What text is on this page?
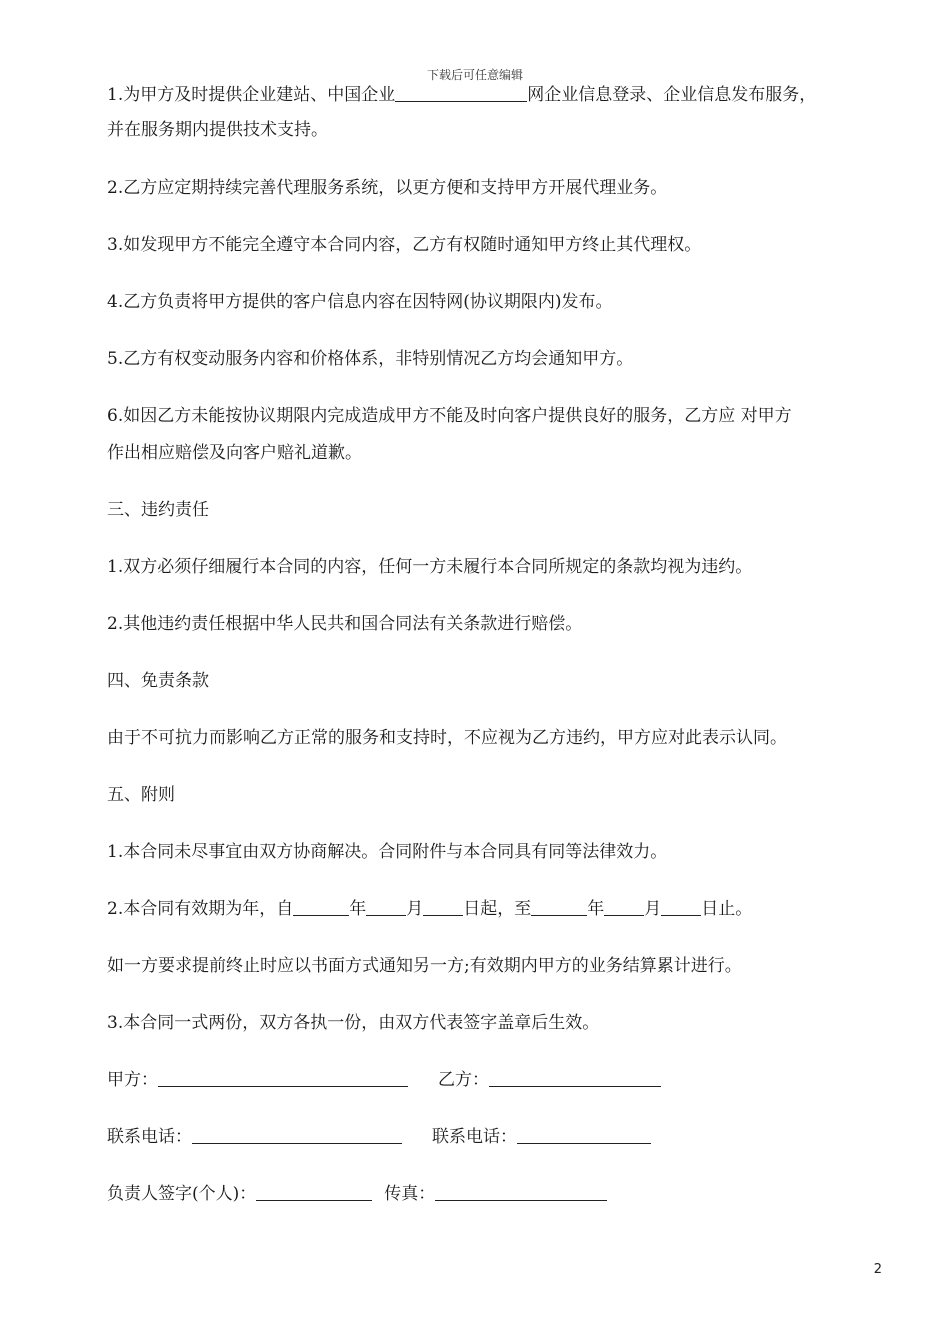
下载后可任意编辑
1.为甲方及时提供企业建站、中国企业	网企业信息登录、企业信息发布服务，
并在服务期内提供技术支持。
2.乙方应定期持续完善代理服务系统，以更方便和支持甲方开展代理业务。
3.如发现甲方不能完全遵守本合同内容，乙方有权随时通知甲方终止其代理权。
4.乙方负责将甲方提供的客户信息内容在因特网(协议期限内)发布。
5.乙方有权变动服务内容和价格体系，非特别情况乙方均会通知甲方。
6.如因乙方未能按协议期限内完成造成甲方不能及时向客户提供良好的服务，乙方应 对甲方
作出相应赔偿及向客户赔礼道歉。
三、违约责任
1.双方必须仔细履行本合同的内容，任何一方未履行本合同所规定的条款均视为违约。
2.其他违约责任根据中华人民共和国合同法有关条款进行赔偿。
四、免责条款
由于不可抗力而影响乙方正常的服务和支持时，不应视为乙方违约，甲方应对此表示认同。
五、附则
1.本合同未尽事宜由双方协商解决。合同附件与本合同具有同等法律效力。
2.本合同有效期为年，自	年 月 日起，至	年 月 日止。
如一方要求提前终止时应以书面方式通知另一方;有效期内甲方的业务结算累计进行。
3.本合同一式两份，双方各执一份，由双方代表签字盖章后生效。
甲方：	乙方：
联系电话：	联系电话：
负责人签字(个人)：	传真：
2
